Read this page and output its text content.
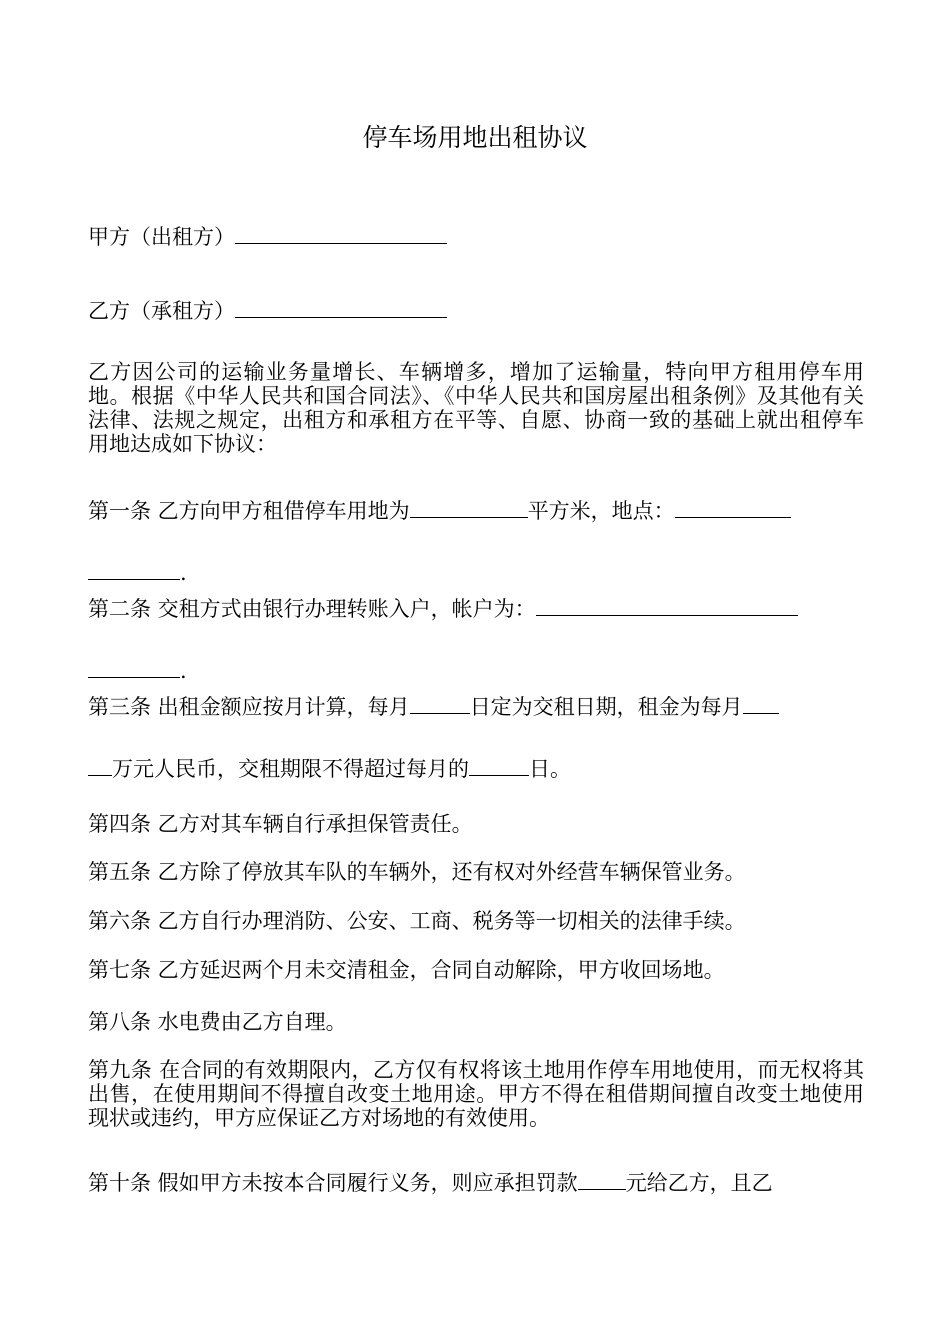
停车场用地出租协议

甲方（出租方）

乙方（承租方）

乙方因公司的运输业务量增长、车辆增多，增加了运输量，特向甲方租用停车用地。根据《中华人民共和国合同法》、《中华人民共和国房屋出租条例》及其他有关法律、法规之规定，出租方和承租方在平等、自愿、协商一致的基础上就出租停车用地达成如下协议：

第一条 乙方向甲方租借停车用地为	平方米，地点：
.

第二条 交租方式由银行办理转账入户，帐户为：
.

第三条 出租金额应按月计算，每月	日定为交租日期，租金为每月
万元人民币，交租期限不得超过每月的	日。

第四条 乙方对其车辆自行承担保管责任。

第五条 乙方除了停放其车队的车辆外，还有权对外经营车辆保管业务。

第六条 乙方自行办理消防、公安、工商、税务等一切相关的法律手续。

第七条 乙方延迟两个月未交清租金，合同自动解除，甲方收回场地。

第八条 水电费由乙方自理。

第九条 在合同的有效期限内，乙方仅有权将该土地用作停车用地使用，而无权将其出售，在使用期间不得擅自改变土地用途。甲方不得在租借期间擅自改变土地使用现状或违约，甲方应保证乙方对场地的有效使用。

第十条 假如甲方未按本合同履行义务，则应承担罚款 元给乙方，且乙
